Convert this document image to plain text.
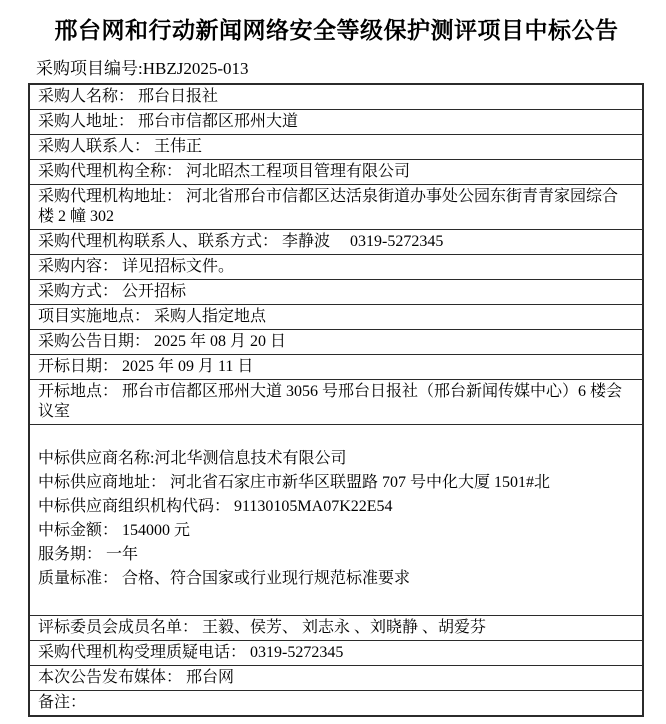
邢台网和行动新闻网络安全等级保护测评项目中标公告
采购项目编号:HBZJ2025-013
采购人名称： 邢台日报社
采购人地址： 邢台市信都区邢州大道
采购人联系人： 王伟正
采购代理机构全称： 河北昭杰工程项目管理有限公司
采购代理机构地址： 河北省邢台市信都区达活泉街道办事处公园东街青青家园综合楼 2 幢 302
采购代理机构联系人、联系方式： 李静波　 0319-5272345
采购内容： 详见招标文件。
采购方式： 公开招标
项目实施地点： 采购人指定地点
采购公告日期： 2025 年 08 月 20 日
开标日期： 2025 年 09 月 11 日
开标地点： 邢台市信都区邢州大道 3056 号邢台日报社（邢台新闻传媒中心）6 楼会议室
中标供应商名称:河北华测信息技术有限公司
中标供应商地址： 河北省石家庄市新华区联盟路 707 号中化大厦 1501#北
中标供应商组织机构代码： 91130105MA07K22E54
中标金额： 154000 元
服务期： 一年
质量标准： 合格、符合国家或行业现行规范标准要求
评标委员会成员名单： 王毅、侯芳、 刘志永 、刘晓静 、胡爱芬
采购代理机构受理质疑电话： 0319-5272345
本次公告发布媒体： 邢台网
备注：
